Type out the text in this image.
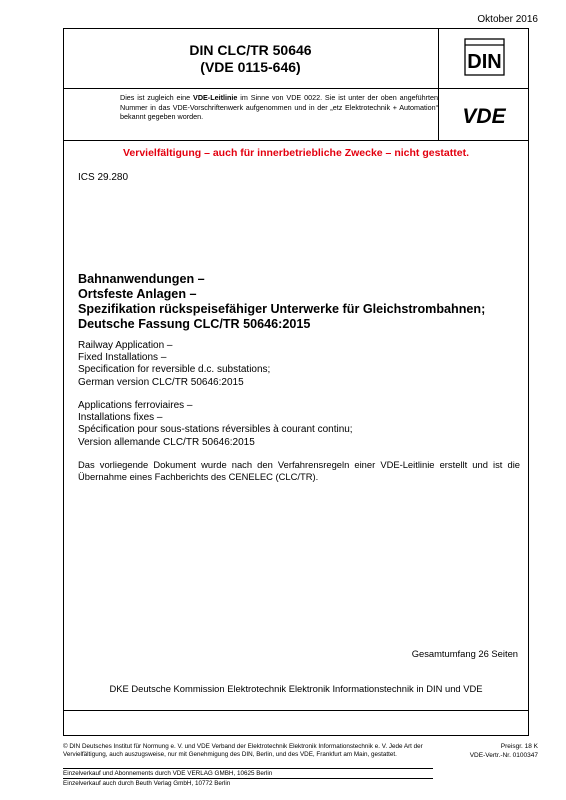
Oktober 2016
DIN CLC/TR 50646
(VDE 0115-646)	DIN
Dies ist zugleich eine VDE-Leitlinie im Sinne von VDE 0022. Sie ist unter der oben angeführten Nummer in das VDE-Vorschriftenwerk aufgenommen und in der „etz Elektrotechnik + Automation“ bekannt gegeben worden.	VDE
Vervielfältigung – auch für innerbetriebliche Zwecke – nicht gestattet.
ICS 29.280
Bahnanwendungen –
Ortsfeste Anlagen –
Spezifikation rückspeisefähiger Unterwerke für Gleichstrombahnen;
Deutsche Fassung CLC/TR 50646:2015
Railway Application –
Fixed Installations –
Specification for reversible d.c. substations;
German version CLC/TR 50646:2015
Applications ferroviaires –
Installations fixes –
Spécification pour sous-stations réversibles à courant continu;
Version allemande CLC/TR 50646:2015
Das vorliegende Dokument wurde nach den Verfahrensregeln einer VDE-Leitlinie erstellt und ist die Übernahme eines Fachberichts des CENELEC (CLC/TR).
Gesamtumfang 26 Seiten
DKE Deutsche Kommission Elektrotechnik Elektronik Informationstechnik in DIN und VDE
© DIN Deutsches Institut für Normung e. V. und VDE Verband der Elektrotechnik Elektronik Informationstechnik e. V. Jede Art der Vervielfältigung, auch auszugsweise, nur mit Genehmigung des DIN, Berlin, und des VDE, Frankfurt am Main, gestattet.
Preisgr. 18 K
VDE-Vertr.-Nr. 0100347
Einzelverkauf und Abonnements durch VDE VERLAG GMBH, 10625 Berlin
Einzelverkauf auch durch Beuth Verlag GmbH, 10772 Berlin
